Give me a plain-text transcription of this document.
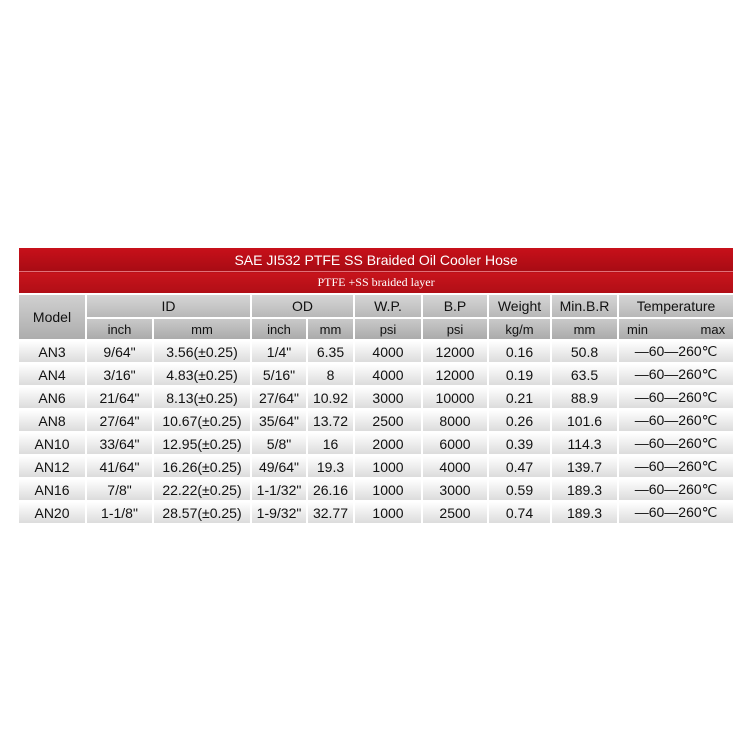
SAE JI532 PTFE SS Braided Oil Cooler Hose									
PTFE +SS braided layer									
Model	ID		OD		W.P.	B.P	Weight	Min.B.R	Temperature
	inch	mm	inch	mm	psi	psi	kg/m	mm	min max

AN3	9/64"	3.56(±0.25)	1/4"	6.35	4000	12000	0.16	50.8	—60—260℃
AN4	3/16"	4.83(±0.25)	5/16"	8	4000	12000	0.19	63.5	—60—260℃
AN6	21/64"	8.13(±0.25)	27/64"	10.92	3000	10000	0.21	88.9	—60—260℃
AN8	27/64"	10.67(±0.25)	35/64"	13.72	2500	8000	0.26	101.6	—60—260℃
AN10	33/64"	12.95(±0.25)	5/8"	16	2000	6000	0.39	114.3	—60—260℃
AN12	41/64"	16.26(±0.25)	49/64"	19.3	1000	4000	0.47	139.7	—60—260℃
AN16	7/8"	22.22(±0.25)	1-1/32"	26.16	1000	3000	0.59	189.3	—60—260℃
AN20	1-1/8"	28.57(±0.25)	1-9/32"	32.77	1000	2500	0.74	189.3	—60—260℃
